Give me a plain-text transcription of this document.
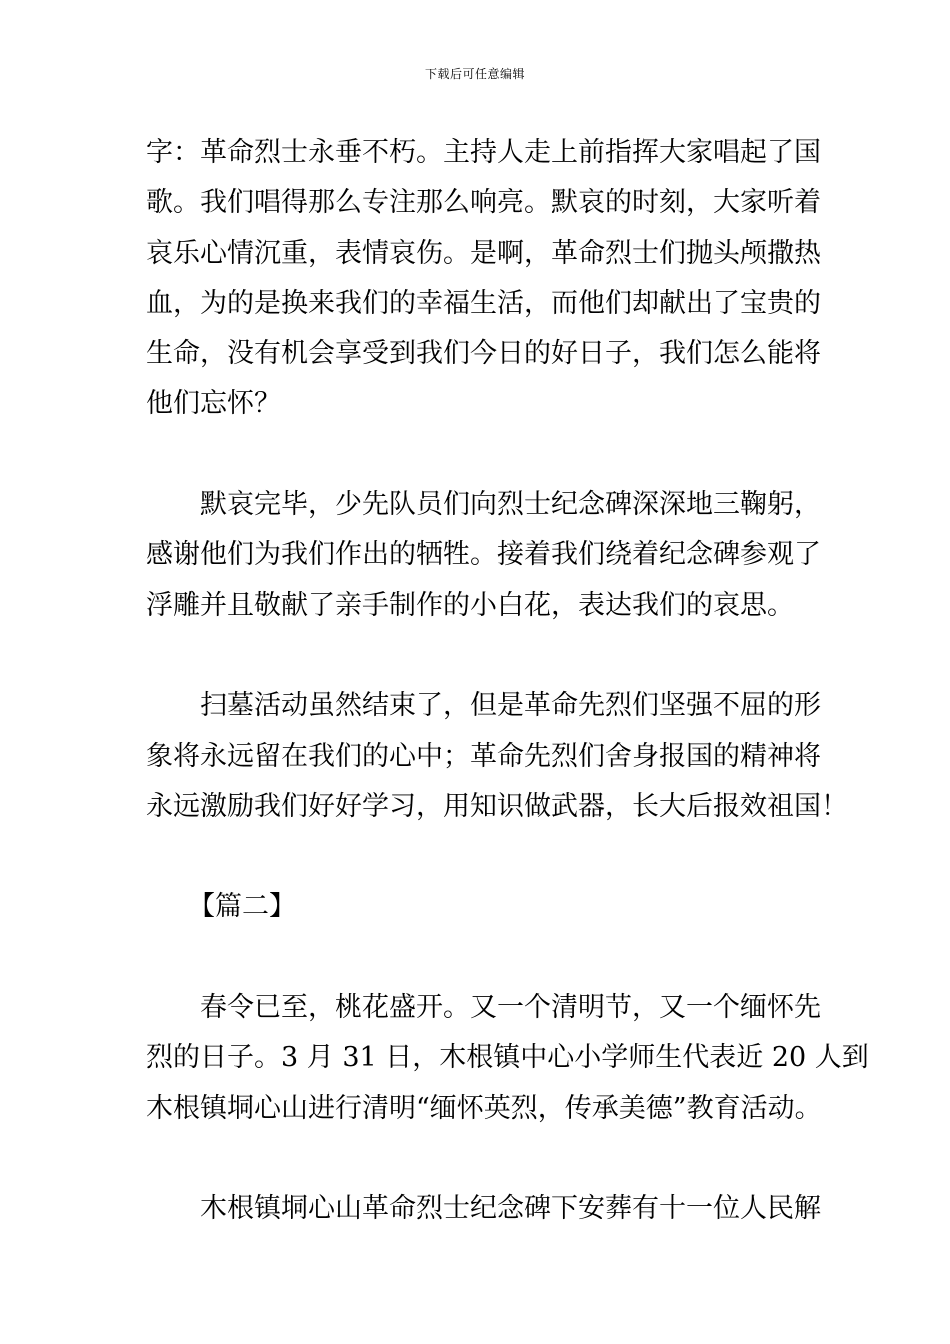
下载后可任意编辑

字：革命烈士永垂不朽。主持人走上前指挥大家唱起了国
歌。我们唱得那么专注那么响亮。默哀的时刻，大家听着
哀乐心情沉重，表情哀伤。是啊，革命烈士们抛头颅撒热
血，为的是换来我们的幸福生活，而他们却献出了宝贵的
生命，没有机会享受到我们今日的好日子，我们怎么能将
他们忘怀？

默哀完毕，少先队员们向烈士纪念碑深深地三鞠躬，
感谢他们为我们作出的牺牲。接着我们绕着纪念碑参观了
浮雕并且敬献了亲手制作的小白花，表达我们的哀思。

扫墓活动虽然结束了，但是革命先烈们坚强不屈的形
象将永远留在我们的心中；革命先烈们舍身报国的精神将
永远激励我们好好学习，用知识做武器，长大后报效祖国！

【篇二】

春令已至，桃花盛开。又一个清明节，又一个缅怀先
烈的日子。3 月 31 日，木根镇中心小学师生代表近 20 人到
木根镇垌心山进行清明“缅怀英烈，传承美德”教育活动。

木根镇垌心山革命烈士纪念碑下安葬有十一位人民解
